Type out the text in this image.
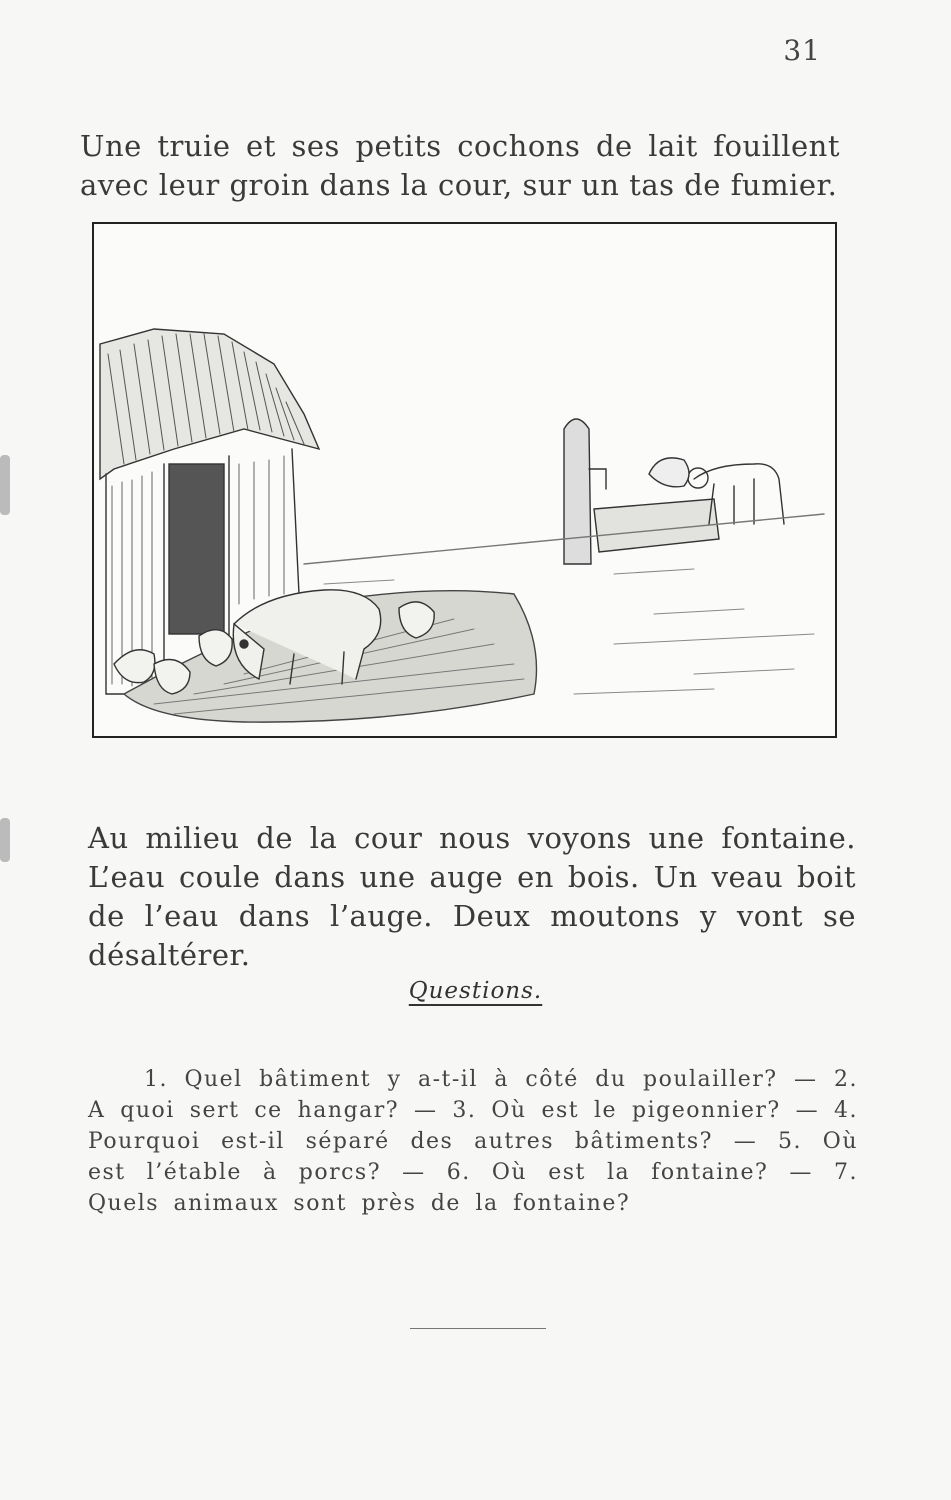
31

Une truie et ses petits cochons de lait fouillent avec leur groin dans la cour, sur un tas de fumier.

Au milieu de la cour nous voyons une fontaine. L’eau coule dans une auge en bois. Un veau boit de l’eau dans l’auge. Deux moutons y vont se désaltérer.

Questions.

1. Quel bâtiment y a-t-il à côté du poulailler? — 2. A quoi sert ce hangar? — 3. Où est le pigeonnier? — 4. Pourquoi est-il séparé des autres bâtiments? — 5. Où est l’étable à porcs? — 6. Où est la fontaine? — 7. Quels animaux sont près de la fontaine?
